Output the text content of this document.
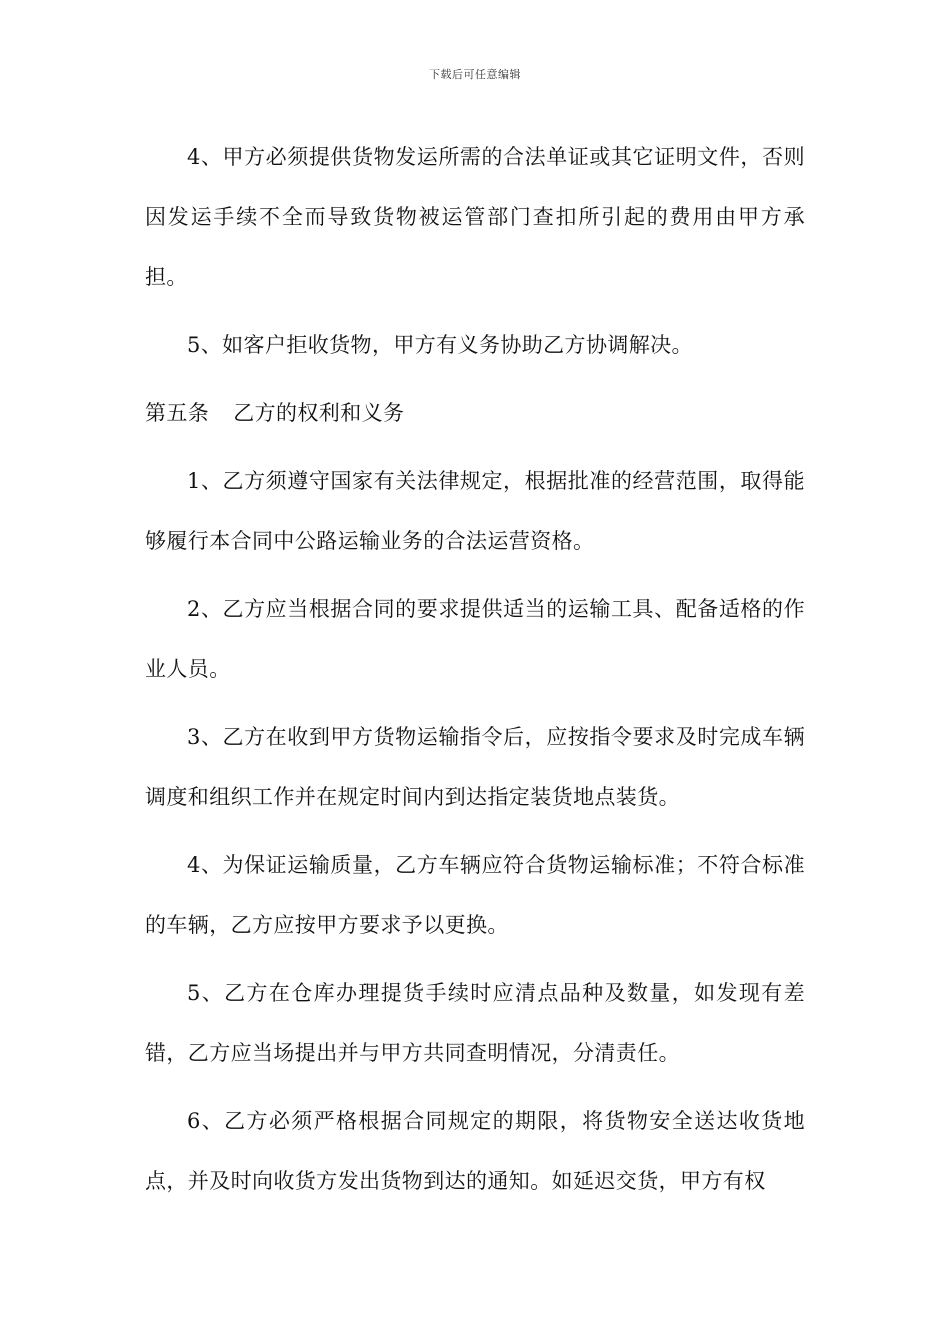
下载后可任意编辑

4、甲方必须提供货物发运所需的合法单证或其它证明文件，否则因发运手续不全而导致货物被运管部门查扣所引起的费用由甲方承担。

5、如客户拒收货物，甲方有义务协助乙方协调解决。

第五条 乙方的权利和义务

1、乙方须遵守国家有关法律规定，根据批准的经营范围，取得能够履行本合同中公路运输业务的合法运营资格。

2、乙方应当根据合同的要求提供适当的运输工具、配备适格的作业人员。

3、乙方在收到甲方货物运输指令后，应按指令要求及时完成车辆调度和组织工作并在规定时间内到达指定装货地点装货。

4、为保证运输质量，乙方车辆应符合货物运输标准；不符合标准的车辆，乙方应按甲方要求予以更换。

5、乙方在仓库办理提货手续时应清点品种及数量，如发现有差错，乙方应当场提出并与甲方共同查明情况，分清责任。

6、乙方必须严格根据合同规定的期限，将货物安全送达收货地点，并及时向收货方发出货物到达的通知。如延迟交货，甲方有权
